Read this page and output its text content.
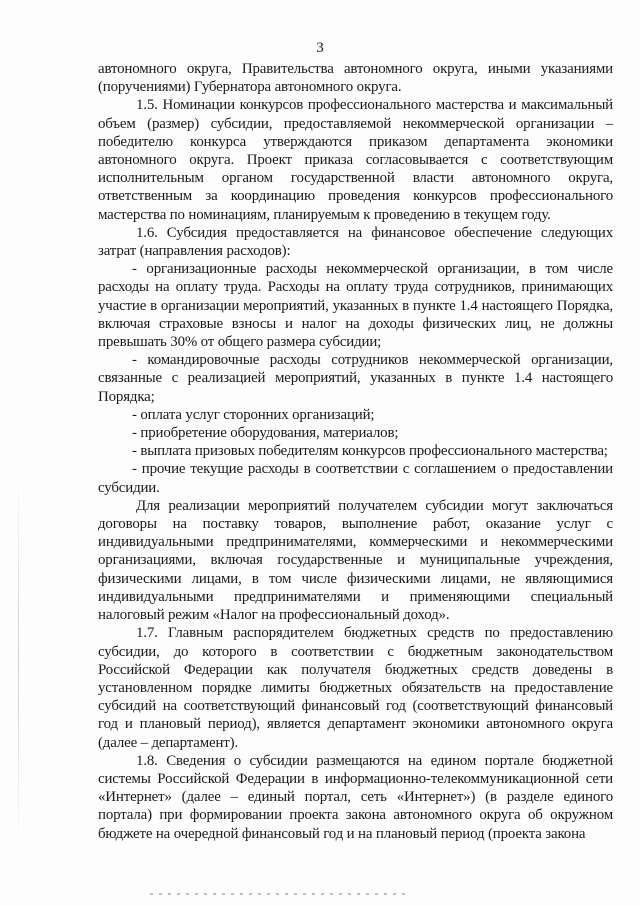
3

автономного округа, Правительства автономного округа, иными указаниями (поручениями) Губернатора автономного округа.

1.5. Номинации конкурсов профессионального мастерства и максимальный объем (размер) субсидии, предоставляемой некоммерческой организации – победителю конкурса утверждаются приказом департамента экономики автономного округа. Проект приказа согласовывается с соответствующим исполнительным органом государственной власти автономного округа, ответственным за координацию проведения конкурсов профессионального мастерства по номинациям, планируемым к проведению в текущем году.

1.6. Субсидия предоставляется на финансовое обеспечение следующих затрат (направления расходов):

- организационные расходы некоммерческой организации, в том числе расходы на оплату труда. Расходы на оплату труда сотрудников, принимающих участие в организации мероприятий, указанных в пункте 1.4 настоящего Порядка, включая страховые взносы и налог на доходы физических лиц, не должны превышать 30% от общего размера субсидии;

- командировочные расходы сотрудников некоммерческой организации, связанные с реализацией мероприятий, указанных в пункте 1.4 настоящего Порядка;

- оплата услуг сторонних организаций;

- приобретение оборудования, материалов;

- выплата призовых победителям конкурсов профессионального мастерства;

- прочие текущие расходы в соответствии с соглашением о предоставлении субсидии.

Для реализации мероприятий получателем субсидии могут заключаться договоры на поставку товаров, выполнение работ, оказание услуг с индивидуальными предпринимателями, коммерческими и некоммерческими организациями, включая государственные и муниципальные учреждения, физическими лицами, в том числе физическими лицами, не являющимися индивидуальными предпринимателями и применяющими специальный налоговый режим «Налог на профессиональный доход».

1.7. Главным распорядителем бюджетных средств по предоставлению субсидии, до которого в соответствии с бюджетным законодательством Российской Федерации как получателя бюджетных средств доведены в установленном порядке лимиты бюджетных обязательств на предоставление субсидий на соответствующий финансовый год (соответствующий финансовый год и плановый период), является департамент экономики автономного округа (далее – департамент).

1.8. Сведения о субсидии размещаются на едином портале бюджетной системы Российской Федерации в информационно-телекоммуникационной сети «Интернет» (далее – единый портал, сеть «Интернет») (в разделе единого портала) при формировании проекта закона автономного округа об окружном бюджете на очередной финансовый год и на плановый период (проекта закона
